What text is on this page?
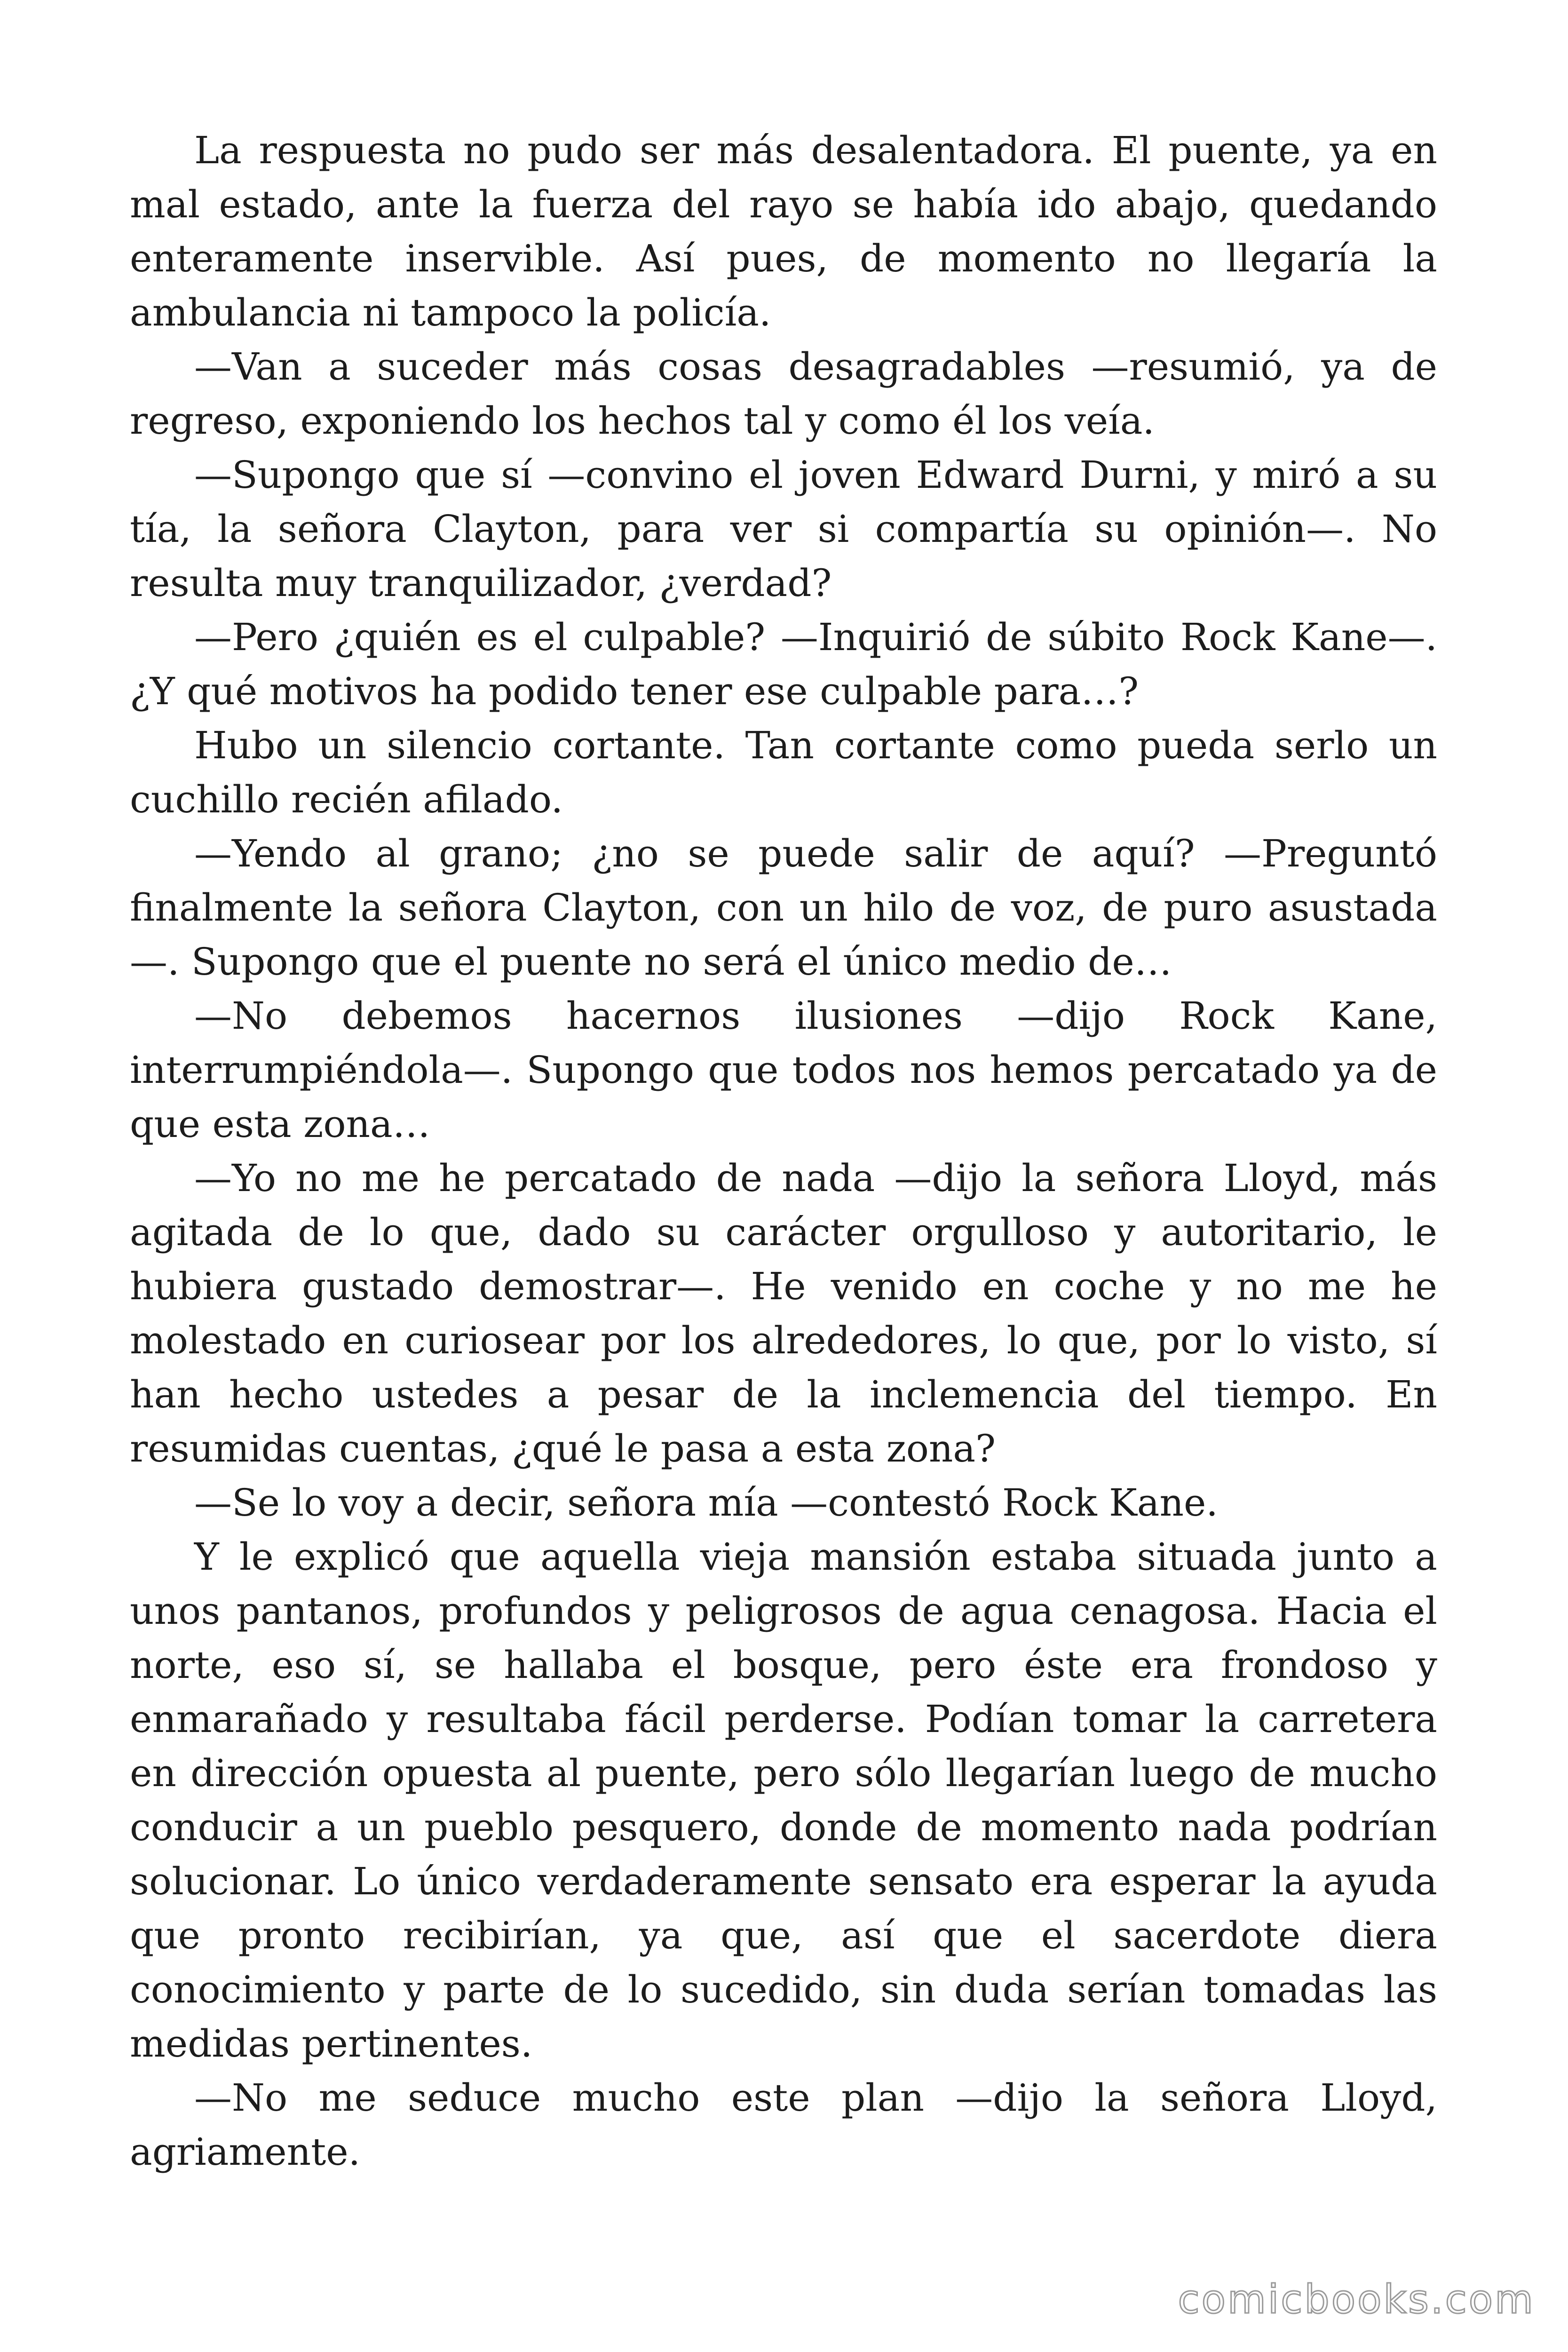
La respuesta no pudo ser más desalentadora. El puente, ya en mal estado, ante la fuerza del rayo se había ido abajo, quedando enteramente inservible. Así pues, de momento no llegaría la ambulancia ni tampoco la policía.

—Van a suceder más cosas desagradables —resumió, ya de regreso, exponiendo los hechos tal y como él los veía.

—Supongo que sí —convino el joven Edward Durni, y miró a su tía, la señora Clayton, para ver si compartía su opinión—. No resulta muy tranquilizador, ¿verdad?

—Pero ¿quién es el culpable? —Inquirió de súbito Rock Kane—. ¿Y qué motivos ha podido tener ese culpable para…?

Hubo un silencio cortante. Tan cortante como pueda serlo un cuchillo recién afilado.

—Yendo al grano; ¿no se puede salir de aquí? —Preguntó finalmente la señora Clayton, con un hilo de voz, de puro asustada —. Supongo que el puente no será el único medio de…

—No debemos hacernos ilusiones —dijo Rock Kane, interrumpiéndola—. Supongo que todos nos hemos percatado ya de que esta zona…

—Yo no me he percatado de nada —dijo la señora Lloyd, más agitada de lo que, dado su carácter orgulloso y autoritario, le hubiera gustado demostrar—. He venido en coche y no me he molestado en curiosear por los alrededores, lo que, por lo visto, sí han hecho ustedes a pesar de la inclemencia del tiempo. En resumidas cuentas, ¿qué le pasa a esta zona?

—Se lo voy a decir, señora mía —contestó Rock Kane.

Y le explicó que aquella vieja mansión estaba situada junto a unos pantanos, profundos y peligrosos de agua cenagosa. Hacia el norte, eso sí, se hallaba el bosque, pero éste era frondoso y enmarañado y resultaba fácil perderse. Podían tomar la carretera en dirección opuesta al puente, pero sólo llegarían luego de mucho conducir a un pueblo pesquero, donde de momento nada podrían solucionar. Lo único verdaderamente sensato era esperar la ayuda que pronto recibirían, ya que, así que el sacerdote diera conocimiento y parte de lo sucedido, sin duda serían tomadas las medidas pertinentes.

—No me seduce mucho este plan —dijo la señora Lloyd, agriamente.

comicbooks.com
